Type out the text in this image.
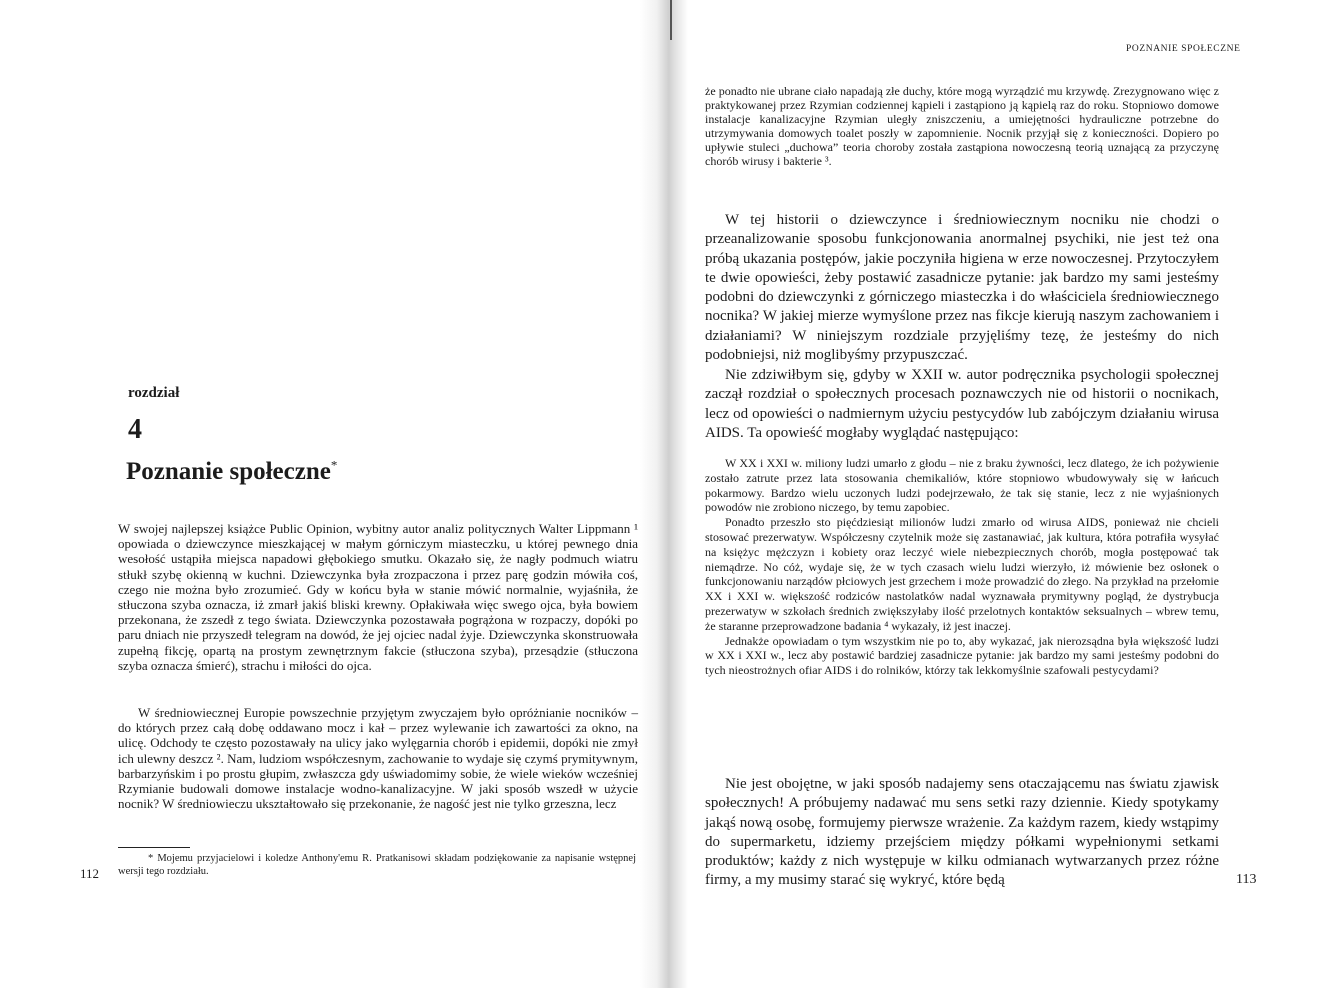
rozdział
4
Poznanie społeczne*
W swojej najlepszej książce Public Opinion, wybitny autor analiz politycznych Walter Lippmann ¹ opowiada o dziewczynce mieszkającej w małym górniczym miasteczku, u której pewnego dnia wesołość ustąpiła miejsca napadowi głębokiego smutku. Okazało się, że nagły podmuch wiatru stłukł szybę okienną w kuchni. Dziewczynka była zrozpaczona i przez parę godzin mówiła coś, czego nie można było zrozumieć. Gdy w końcu była w stanie mówić normalnie, wyjaśniła, że stłuczona szyba oznacza, iż zmarł jakiś bliski krewny. Opłakiwała więc swego ojca, była bowiem przekonana, że zszedł z tego świata. Dziewczynka pozostawała pogrążona w rozpaczy, dopóki po paru dniach nie przyszedł telegram na dowód, że jej ojciec nadal żyje. Dziewczynka skonstruowała zupełną fikcję, opartą na prostym zewnętrznym fakcie (stłuczona szyba), przesądzie (stłuczona szyba oznacza śmierć), strachu i miłości do ojca.
W średniowiecznej Europie powszechnie przyjętym zwyczajem było opróżnianie nocników – do których przez całą dobę oddawano mocz i kał – przez wylewanie ich zawartości za okno, na ulicę. Odchody te często pozostawały na ulicy jako wylęgarnia chorób i epidemii, dopóki nie zmył ich ulewny deszcz ². Nam, ludziom współczesnym, zachowanie to wydaje się czymś prymitywnym, barbarzyńskim i po prostu głupim, zwłaszcza gdy uświadomimy sobie, że wiele wieków wcześniej Rzymianie budowali domowe instalacje wodno-kanalizacyjne. W jaki sposób wszedł w użycie nocnik? W średniowieczu ukształtowało się przekonanie, że nagość jest nie tylko grzeszna, lecz
* Mojemu przyjacielowi i koledze Anthony'emu R. Pratkanisowi składam podziękowanie za napisanie wstępnej wersji tego rozdziału.
112
POZNANIE SPOŁECZNE
że ponadto nie ubrane ciało napadają złe duchy, które mogą wyrządzić mu krzywdę. Zrezygnowano więc z praktykowanej przez Rzymian codziennej kąpieli i zastąpiono ją kąpielą raz do roku. Stopniowo domowe instalacje kanalizacyjne Rzymian uległy zniszczeniu, a umiejętności hydrauliczne potrzebne do utrzymywania domowych toalet poszły w zapomnienie. Nocnik przyjął się z konieczności. Dopiero po upływie stuleci „duchowa” teoria choroby została zastąpiona nowoczesną teorią uznającą za przyczynę chorób wirusy i bakterie ³.
W tej historii o dziewczynce i średniowiecznym nocniku nie chodzi o przeanalizowanie sposobu funkcjonowania anormalnej psychiki, nie jest też ona próbą ukazania postępów, jakie poczyniła higiena w erze nowoczesnej. Przytoczyłem te dwie opowieści, żeby postawić zasadnicze pytanie: jak bardzo my sami jesteśmy podobni do dziewczynki z górniczego miasteczka i do właściciela średniowiecznego nocnika? W jakiej mierze wymyślone przez nas fikcje kierują naszym zachowaniem i działaniami? W niniejszym rozdziale przyjęliśmy tezę, że jesteśmy do nich podobniejsi, niż moglibyśmy przypuszczać.
Nie zdziwiłbym się, gdyby w XXII w. autor podręcznika psychologii społecznej zaczął rozdział o społecznych procesach poznawczych nie od historii o nocnikach, lecz od opowieści o nadmiernym użyciu pestycydów lub zabójczym działaniu wirusa AIDS. Ta opowieść mogłaby wyglądać następująco:

W XX i XXI w. miliony ludzi umarło z głodu – nie z braku żywności, lecz dlatego, że ich pożywienie zostało zatrute przez lata stosowania chemikaliów, które stopniowo wbudowywały się w łańcuch pokarmowy. Bardzo wielu uczonych ludzi podejrzewało, że tak się stanie, lecz z nie wyjaśnionych powodów nie zrobiono niczego, by temu zapobiec.

Ponadto przeszło sto pięćdziesiąt milionów ludzi zmarło od wirusa AIDS, ponieważ nie chcieli stosować prezerwatyw. Współczesny czytelnik może się zastanawiać, jak kultura, która potrafiła wysyłać na księżyc mężczyzn i kobiety oraz leczyć wiele niebezpiecznych chorób, mogła postępować tak niemądrze. No cóż, wydaje się, że w tych czasach wielu ludzi wierzyło, iż mówienie bez osłonek o funkcjonowaniu narządów płciowych jest grzechem i może prowadzić do złego. Na przykład na przełomie XX i XXI w. większość rodziców nastolatków nadal wyznawała prymitywny pogląd, że dystrybucja prezerwatyw w szkołach średnich zwiększyłaby ilość przelotnych kontaktów seksualnych – wbrew temu, że staranne przeprowadzone badania ⁴ wykazały, iż jest inaczej.

Jednakże opowiadam o tym wszystkim nie po to, aby wykazać, jak nierozsądna była większość ludzi w XX i XXI w., lecz aby postawić bardziej zasadnicze pytanie: jak bardzo my sami jesteśmy podobni do tych nieostrożnych ofiar AIDS i do rolników, którzy tak lekkomyślnie szafowali pestycydami?

Nie jest obojętne, w jaki sposób nadajemy sens otaczającemu nas światu zjawisk społecznych! A próbujemy nadawać mu sens setki razy dziennie. Kiedy spotykamy jakąś nową osobę, formujemy pierwsze wrażenie. Za każdym razem, kiedy wstąpimy do supermarketu, idziemy przejściem między półkami wypełnionymi setkami produktów; każdy z nich występuje w kilku odmianach wytwarzanych przez różne firmy, a my musimy starać się wykryć, które będą	113
